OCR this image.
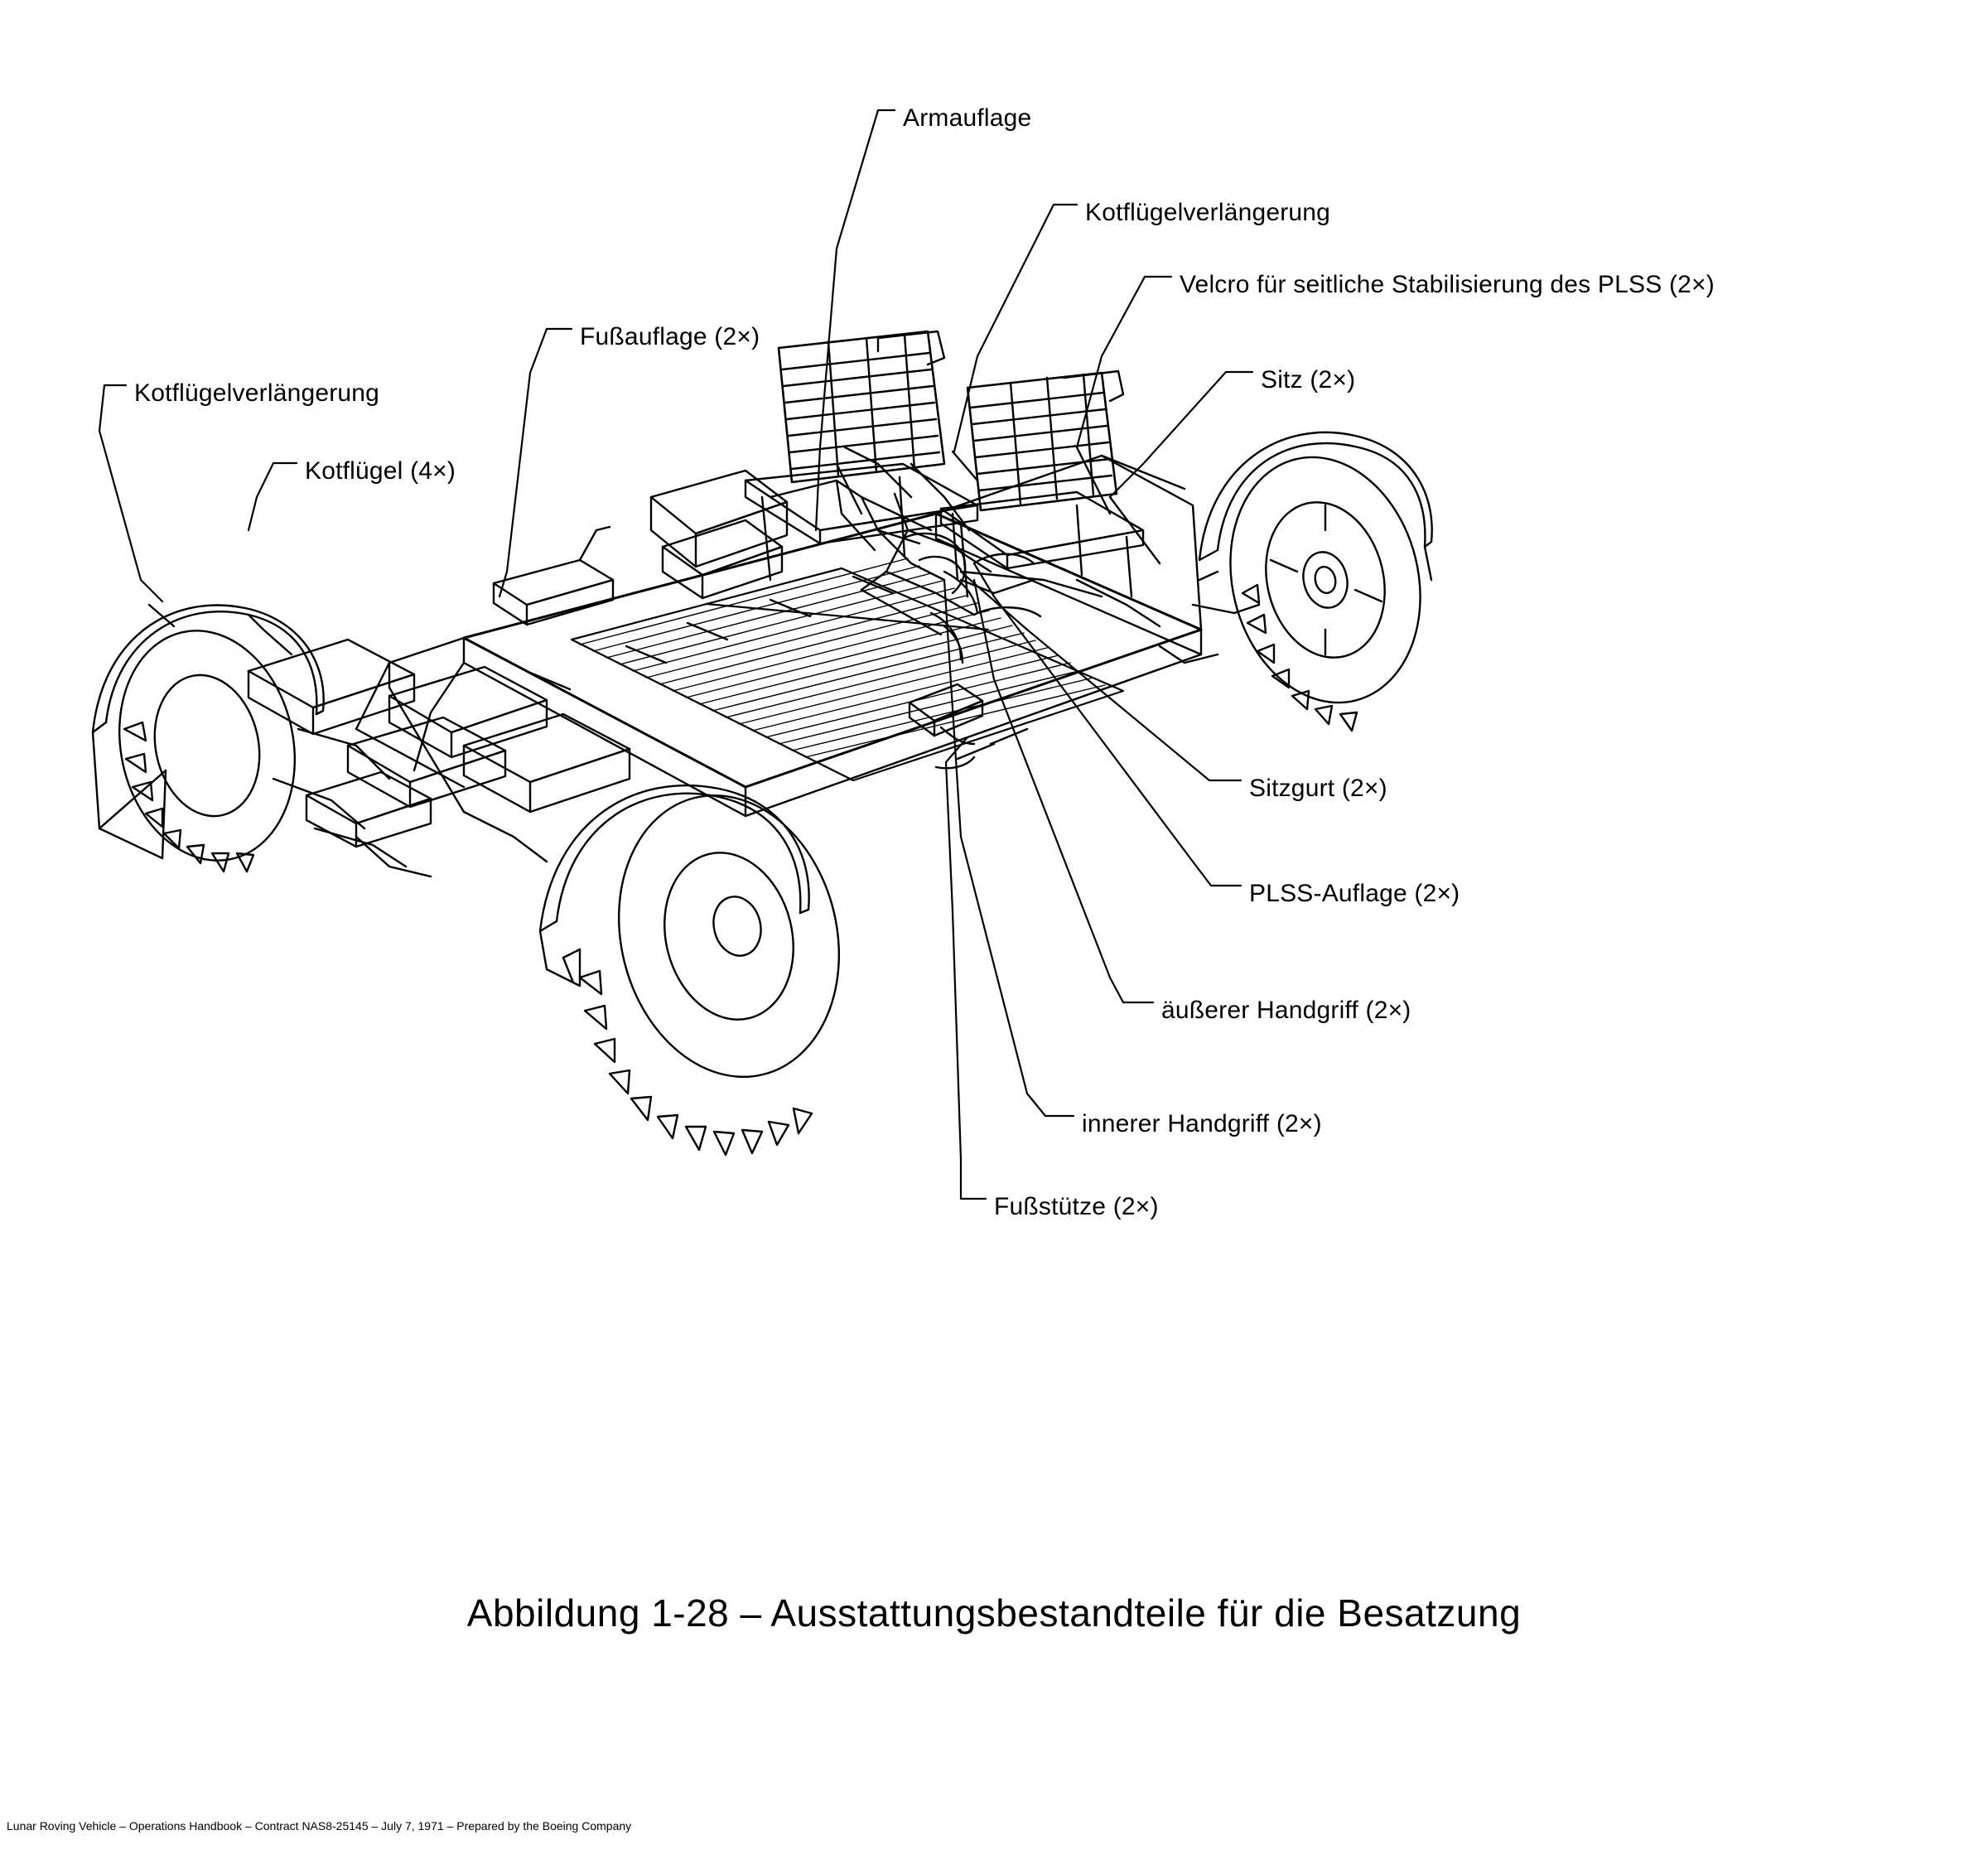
Armauflage
Kotflügelverlängerung
Velcro für seitliche Stabilisierung des PLSS (2×)
Sitz (2×)
Fußauflage (2×)
Kotflügelverlängerung
Kotflügel (4×)
Sitzgurt (2×)
PLSS-Auflage (2×)
äußerer Handgriff (2×)
innerer Handgriff (2×)
Fußstütze (2×)
Abbildung 1-28 – Ausstattungsbestandteile für die Besatzung
Lunar Roving Vehicle – Operations Handbook – Contract NAS8-25145 – July 7, 1971 – Prepared by the Boeing Company
